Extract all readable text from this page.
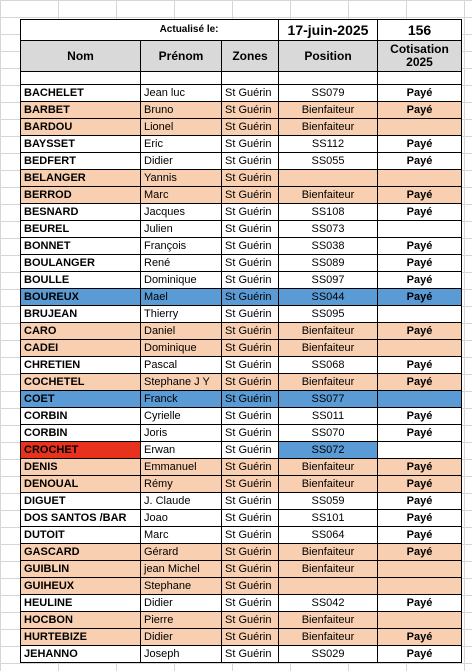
Actualisé le:			17-juin-2025	156
Nom	Prénom	Zones	Position	Cotisation 2025

BACHELET	Jean luc	St Guérin	SS079	Payé
BARBET	Bruno	St Guérin	Bienfaiteur	Payé
BARDOU	Lionel	St Guérin	Bienfaiteur	
BAYSSET	Eric	St Guérin	SS112	Payé
BEDFERT	Didier	St Guérin	SS055	Payé
BELANGER	Yannis	St Guérin		
BERROD	Marc	St Guérin	Bienfaiteur	Payé
BESNARD	Jacques	St Guérin	SS108	Payé
BEUREL	Julien	St Guérin	SS073	
BONNET	François	St Guérin	SS038	Payé
BOULANGER	René	St Guérin	SS089	Payé
BOULLE	Dominique	St Guérin	SS097	Payé
BOUREUX	Mael	St Guérin	SS044	Payé
BRUJEAN	Thierry	St Guérin	SS095	
CARO	Daniel	St Guérin	Bienfaiteur	Payé
CADEI	Dominique	St Guérin	Bienfaiteur	
CHRETIEN	Pascal	St Guérin	SS068	Payé
COCHETEL	Stephane J Y	St Guérin	Bienfaiteur	Payé
COET	Franck	St Guérin	SS077	
CORBIN	Cyrielle	St Guérin	SS011	Payé
CORBIN	Joris	St Guérin	SS070	Payé
CROCHET	Erwan	St Guérin	SS072	
DENIS	Emmanuel	St Guérin	Bienfaiteur	Payé
DENOUAL	Rémy	St Guérin	Bienfaiteur	Payé
DIGUET	J. Claude	St Guérin	SS059	Payé
DOS SANTOS /BAR	Joao	St Guérin	SS101	Payé
DUTOIT	Marc	St Guérin	SS064	Payé
GASCARD	Gérard	St Guérin	Bienfaiteur	Payé
GUIBLIN	jean Michel	St Guérin	Bienfaiteur	
GUIHEUX	Stephane	St Guérin		
HEULINE	Didier	St Guérin	SS042	Payé
HOCBON	Pierre	St Guérin	Bienfaiteur	
HURTEBIZE	Didier	St Guérin	Bienfaiteur	Payé
JEHANNO	Joseph	St Guérin	SS029	Payé
